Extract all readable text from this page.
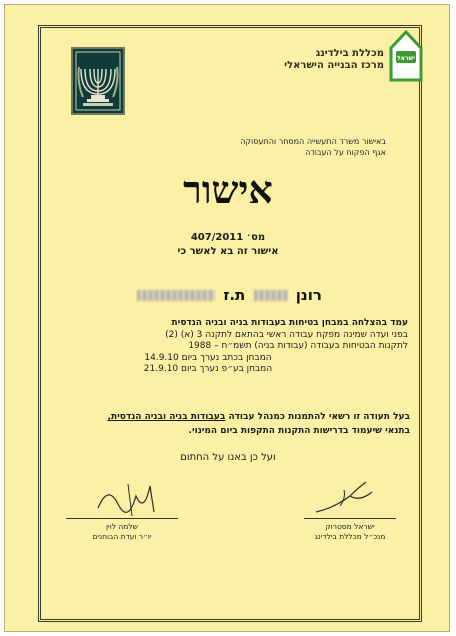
מכללת בילדינג
מרכז הבנייה הישראלי
ישראל
באישור משרד התעשייה המסחר והתעסוקה
אגף הפקוח על העבודה
אישור
מס׳ 407/2011
אישור זה בא לאשר כי
רונן  ת.ז
עמד בהצלחה במבחן בטיחות בעבודות בניה ובניה הנדסית
בפני ועדה שמינה מפקח עבודה ראשי בהתאם לתקנה 3 (א) (2)
לתקנות הבטיחות בעבודה (עבודות בניה) תשמ״ח – 1988
המבחן בכתב נערך ביום 14.9.10
המבחן בע״פ נערך ביום 21.9.10
בעל תעודה זו רשאי להתמנות כמנהל עבודה בעבודות בניה ובניה הנדסית,
בתנאי שיעמוד בדרישות התקנות התקפות ביום המינוי.
ועל כן באנו על החתום
שלמה לוין
יו״ר ועדת הבוחנים
ישראל מסטרוק
מנכ״ל מכללת בילדינג
